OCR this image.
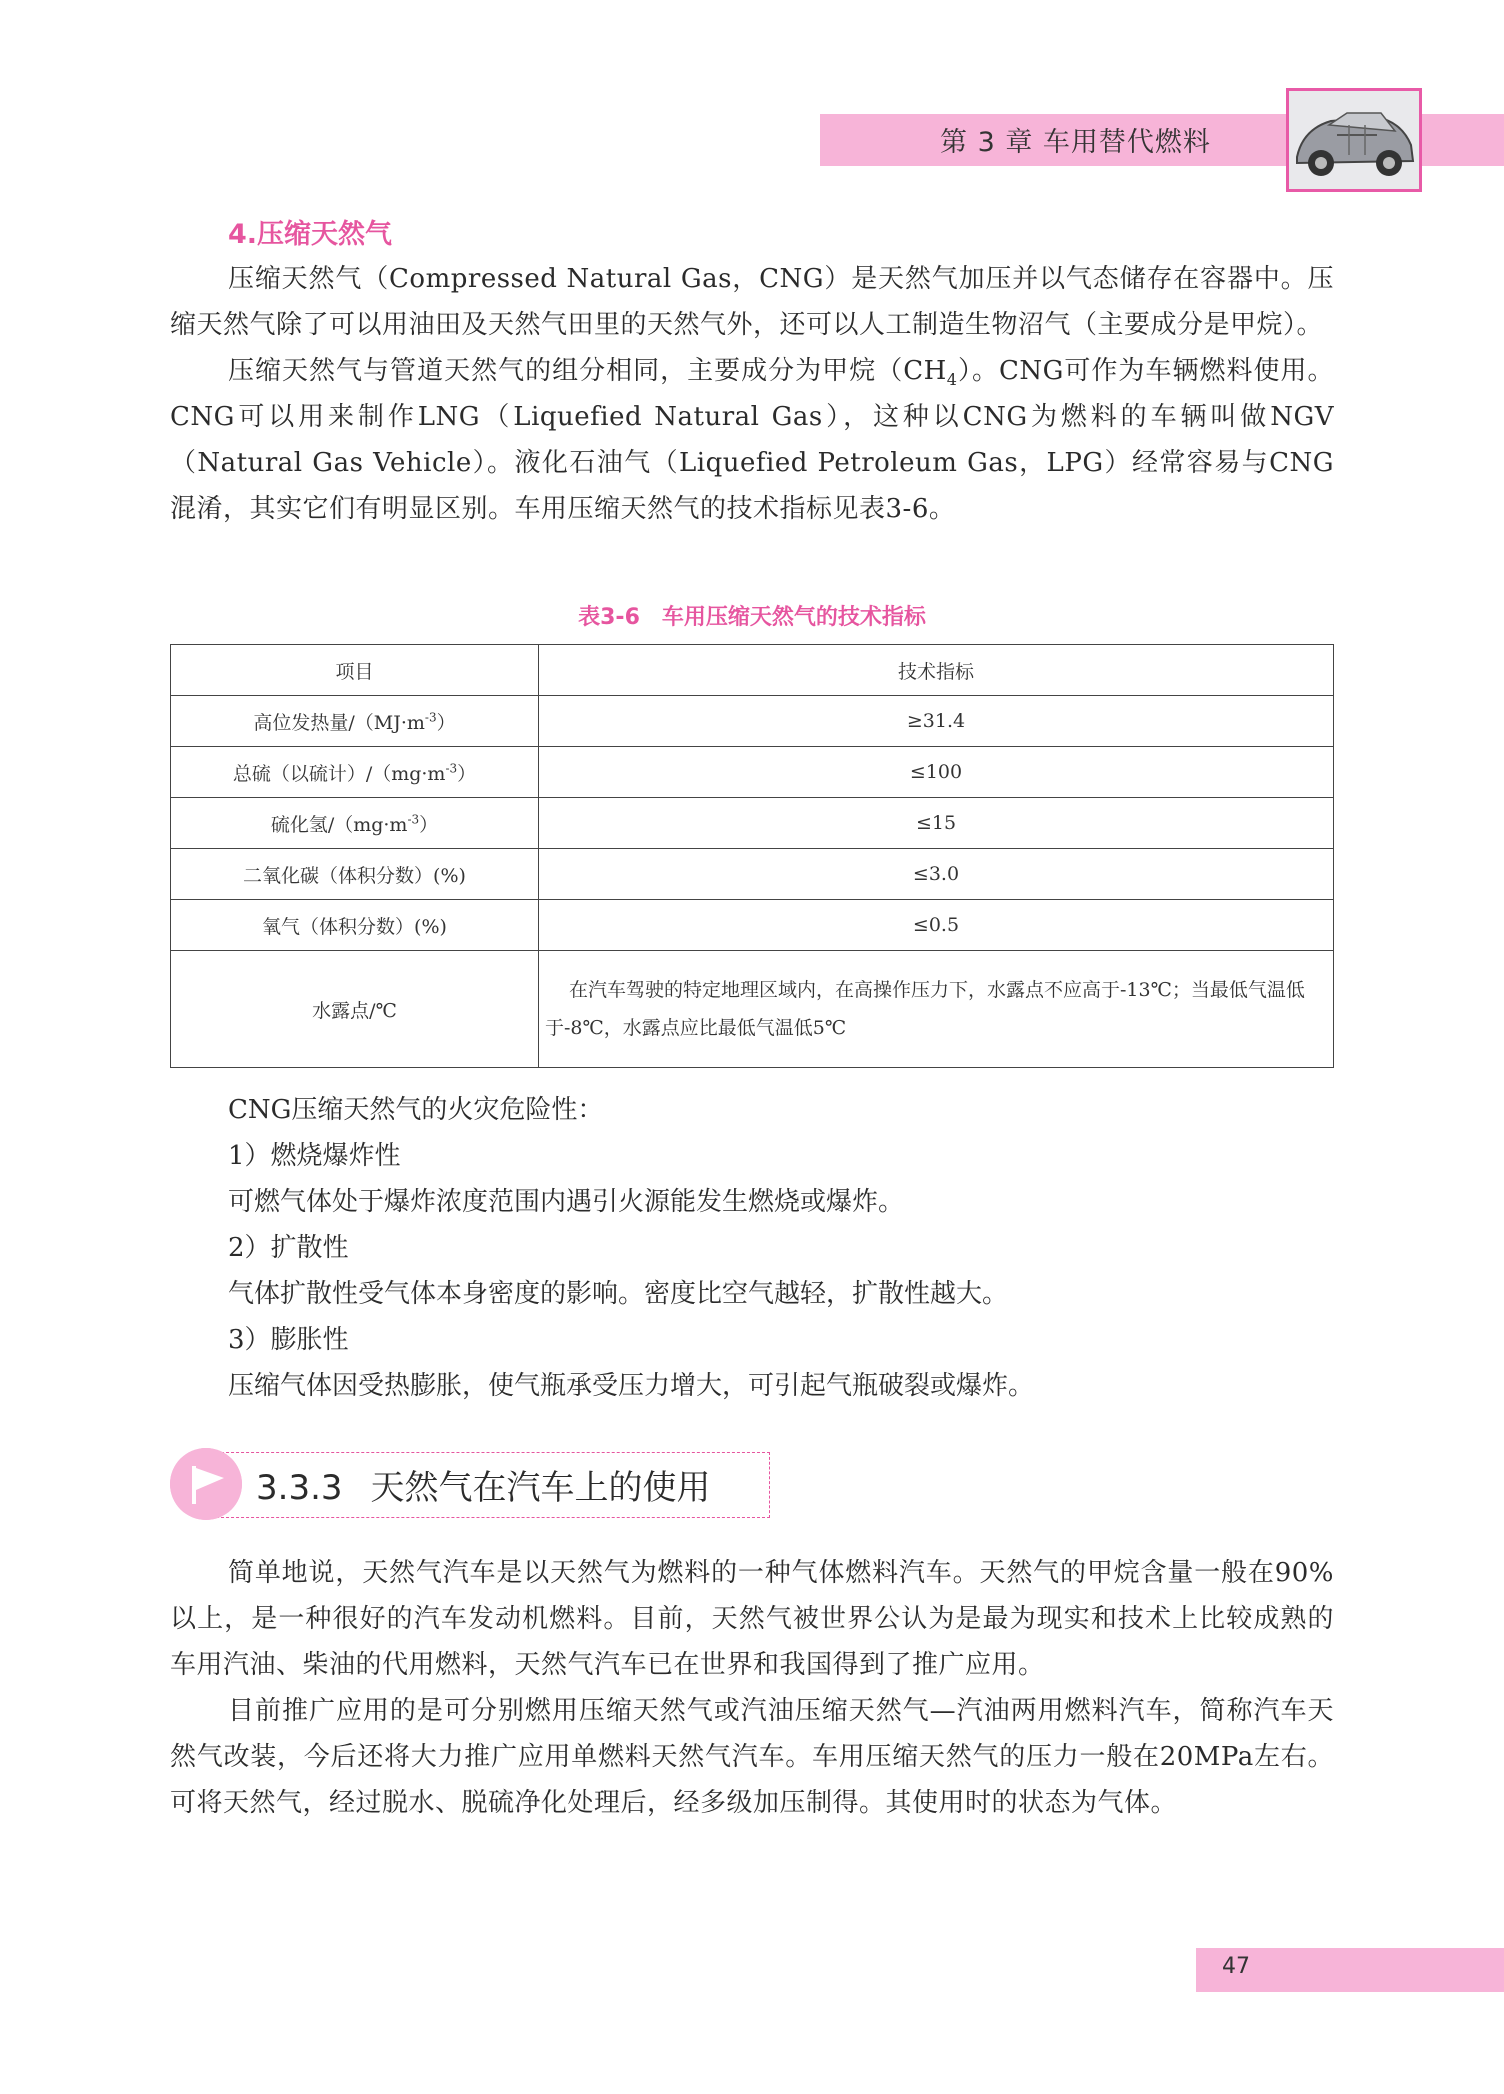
第 3 章 车用替代燃料
4.压缩天然气

压缩天然气（Compressed Natural Gas，CNG）是天然气加压并以气态储存在容器中。压缩天然气除了可以用油田及天然气田里的天然气外，还可以人工制造生物沼气（主要成分是甲烷）。

压缩天然气与管道天然气的组分相同，主要成分为甲烷$(CH_4)$。CNG可作为车辆燃料使用。CNG可以用来制作LNG（Liquefied Natural Gas），这种以CNG为燃料的车辆叫做NGV（Natural Gas Vehicle）。液化石油气（Liquefied Petroleum Gas，LPG）经常容易与CNG混淆，其实它们有明显区别。车用压缩天然气的技术指标见表3-6。

表3-6　车用压缩天然气的技术指标
项目	技术指标
高位发热量$/(MJ\cdot m^{-3})$	≥31.4
总硫（以硫计）$/(mg\cdot m^{-3})$	≤100
硫化氢$/(mg\cdot m^{-3})$	≤15
二氧化碳（体积分数）(%)	≤3.0
氧气（体积分数）(%)	≤0.5
水露点/℃	在汽车驾驶的特定地理区域内，在高操作压力下，水露点不应高于-13℃；当最低气温低于-8℃，水露点应比最低气温低5℃

CNG压缩天然气的火灾危险性：

1）燃烧爆炸性

可燃气体处于爆炸浓度范围内遇引火源能发生燃烧或爆炸。

2）扩散性

气体扩散性受气体本身密度的影响。密度比空气越轻，扩散性越大。

3）膨胀性

压缩气体因受热膨胀，使气瓶承受压力增大，可引起气瓶破裂或爆炸。

3.3.3 天然气在汽车上的使用

简单地说，天然气汽车是以天然气为燃料的一种气体燃料汽车。天然气的甲烷含量一般在90%以上，是一种很好的汽车发动机燃料。目前，天然气被世界公认为是最为现实和技术上比较成熟的车用汽油、柴油的代用燃料，天然气汽车已在世界和我国得到了推广应用。

目前推广应用的是可分别燃用压缩天然气或汽油压缩天然气—汽油两用燃料汽车，简称汽车天然气改装，今后还将大力推广应用单燃料天然气汽车。车用压缩天然气的压力一般在20MPa左右。可将天然气，经过脱水、脱硫净化处理后，经多级加压制得。其使用时的状态为气体。

47
